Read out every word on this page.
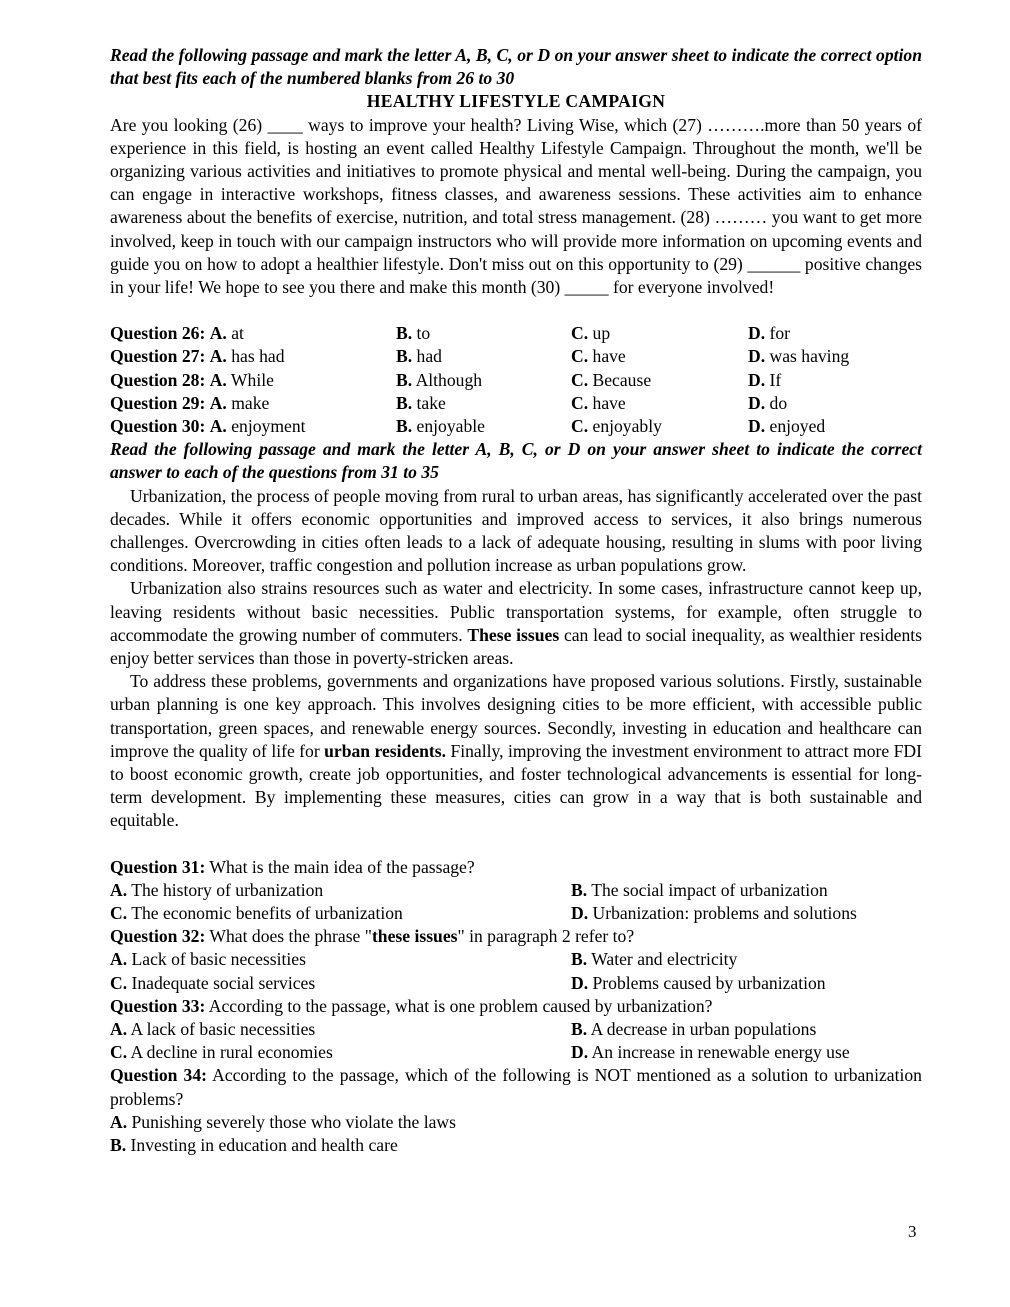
Read the following passage and mark the letter A, B, C, or D on your answer sheet to indicate the correct option that best fits each of the numbered blanks from 26 to 30

HEALTHY LIFESTYLE CAMPAIGN

Are you looking (26) ____ ways to improve your health? Living Wise, which (27) ……….more than 50 years of experience in this field, is hosting an event called Healthy Lifestyle Campaign. Throughout the month, we'll be organizing various activities and initiatives to promote physical and mental well-being. During the campaign, you can engage in interactive workshops, fitness classes, and awareness sessions. These activities aim to enhance awareness about the benefits of exercise, nutrition, and total stress management. (28) ……… you want to get more involved, keep in touch with our campaign instructors who will provide more information on upcoming events and guide you on how to adopt a healthier lifestyle. Don't miss out on this opportunity to (29) ______ positive changes in your life! We hope to see you there and make this month (30) _____ for everyone involved!

Question 26: A. at	B. to	C. up	D. for
Question 27: A. has had	B. had	C. have	D. was having
Question 28: A. While	B. Although	C. Because	D. If
Question 29: A. make	B. take	C. have	D. do
Question 30: A. enjoyment	B. enjoyable	C. enjoyably	D. enjoyed

Read the following passage and mark the letter A, B, C, or D on your answer sheet to indicate the correct answer to each of the questions from 31 to 35

Urbanization, the process of people moving from rural to urban areas, has significantly accelerated over the past decades. While it offers economic opportunities and improved access to services, it also brings numerous challenges. Overcrowding in cities often leads to a lack of adequate housing, resulting in slums with poor living conditions. Moreover, traffic congestion and pollution increase as urban populations grow.

Urbanization also strains resources such as water and electricity. In some cases, infrastructure cannot keep up, leaving residents without basic necessities. Public transportation systems, for example, often struggle to accommodate the growing number of commuters. These issues can lead to social inequality, as wealthier residents enjoy better services than those in poverty-stricken areas.

To address these problems, governments and organizations have proposed various solutions. Firstly, sustainable urban planning is one key approach. This involves designing cities to be more efficient, with accessible public transportation, green spaces, and renewable energy sources. Secondly, investing in education and healthcare can improve the quality of life for urban residents. Finally, improving the investment environment to attract more FDI to boost economic growth, create job opportunities, and foster technological advancements is essential for long-term development. By implementing these measures, cities can grow in a way that is both sustainable and equitable.

Question 31: What is the main idea of the passage?
A. The history of urbanization	B. The social impact of urbanization
C. The economic benefits of urbanization	D. Urbanization: problems and solutions
Question 32: What does the phrase "these issues" in paragraph 2 refer to?
A. Lack of basic necessities	B. Water and electricity
C. Inadequate social services	D. Problems caused by urbanization
Question 33: According to the passage, what is one problem caused by urbanization?
A. A lack of basic necessities	B. A decrease in urban populations
C. A decline in rural economies	D. An increase in renewable energy use

Question 34: According to the passage, which of the following is NOT mentioned as a solution to urbanization problems?

A. Punishing severely those who violate the laws
B. Investing in education and health care
3
